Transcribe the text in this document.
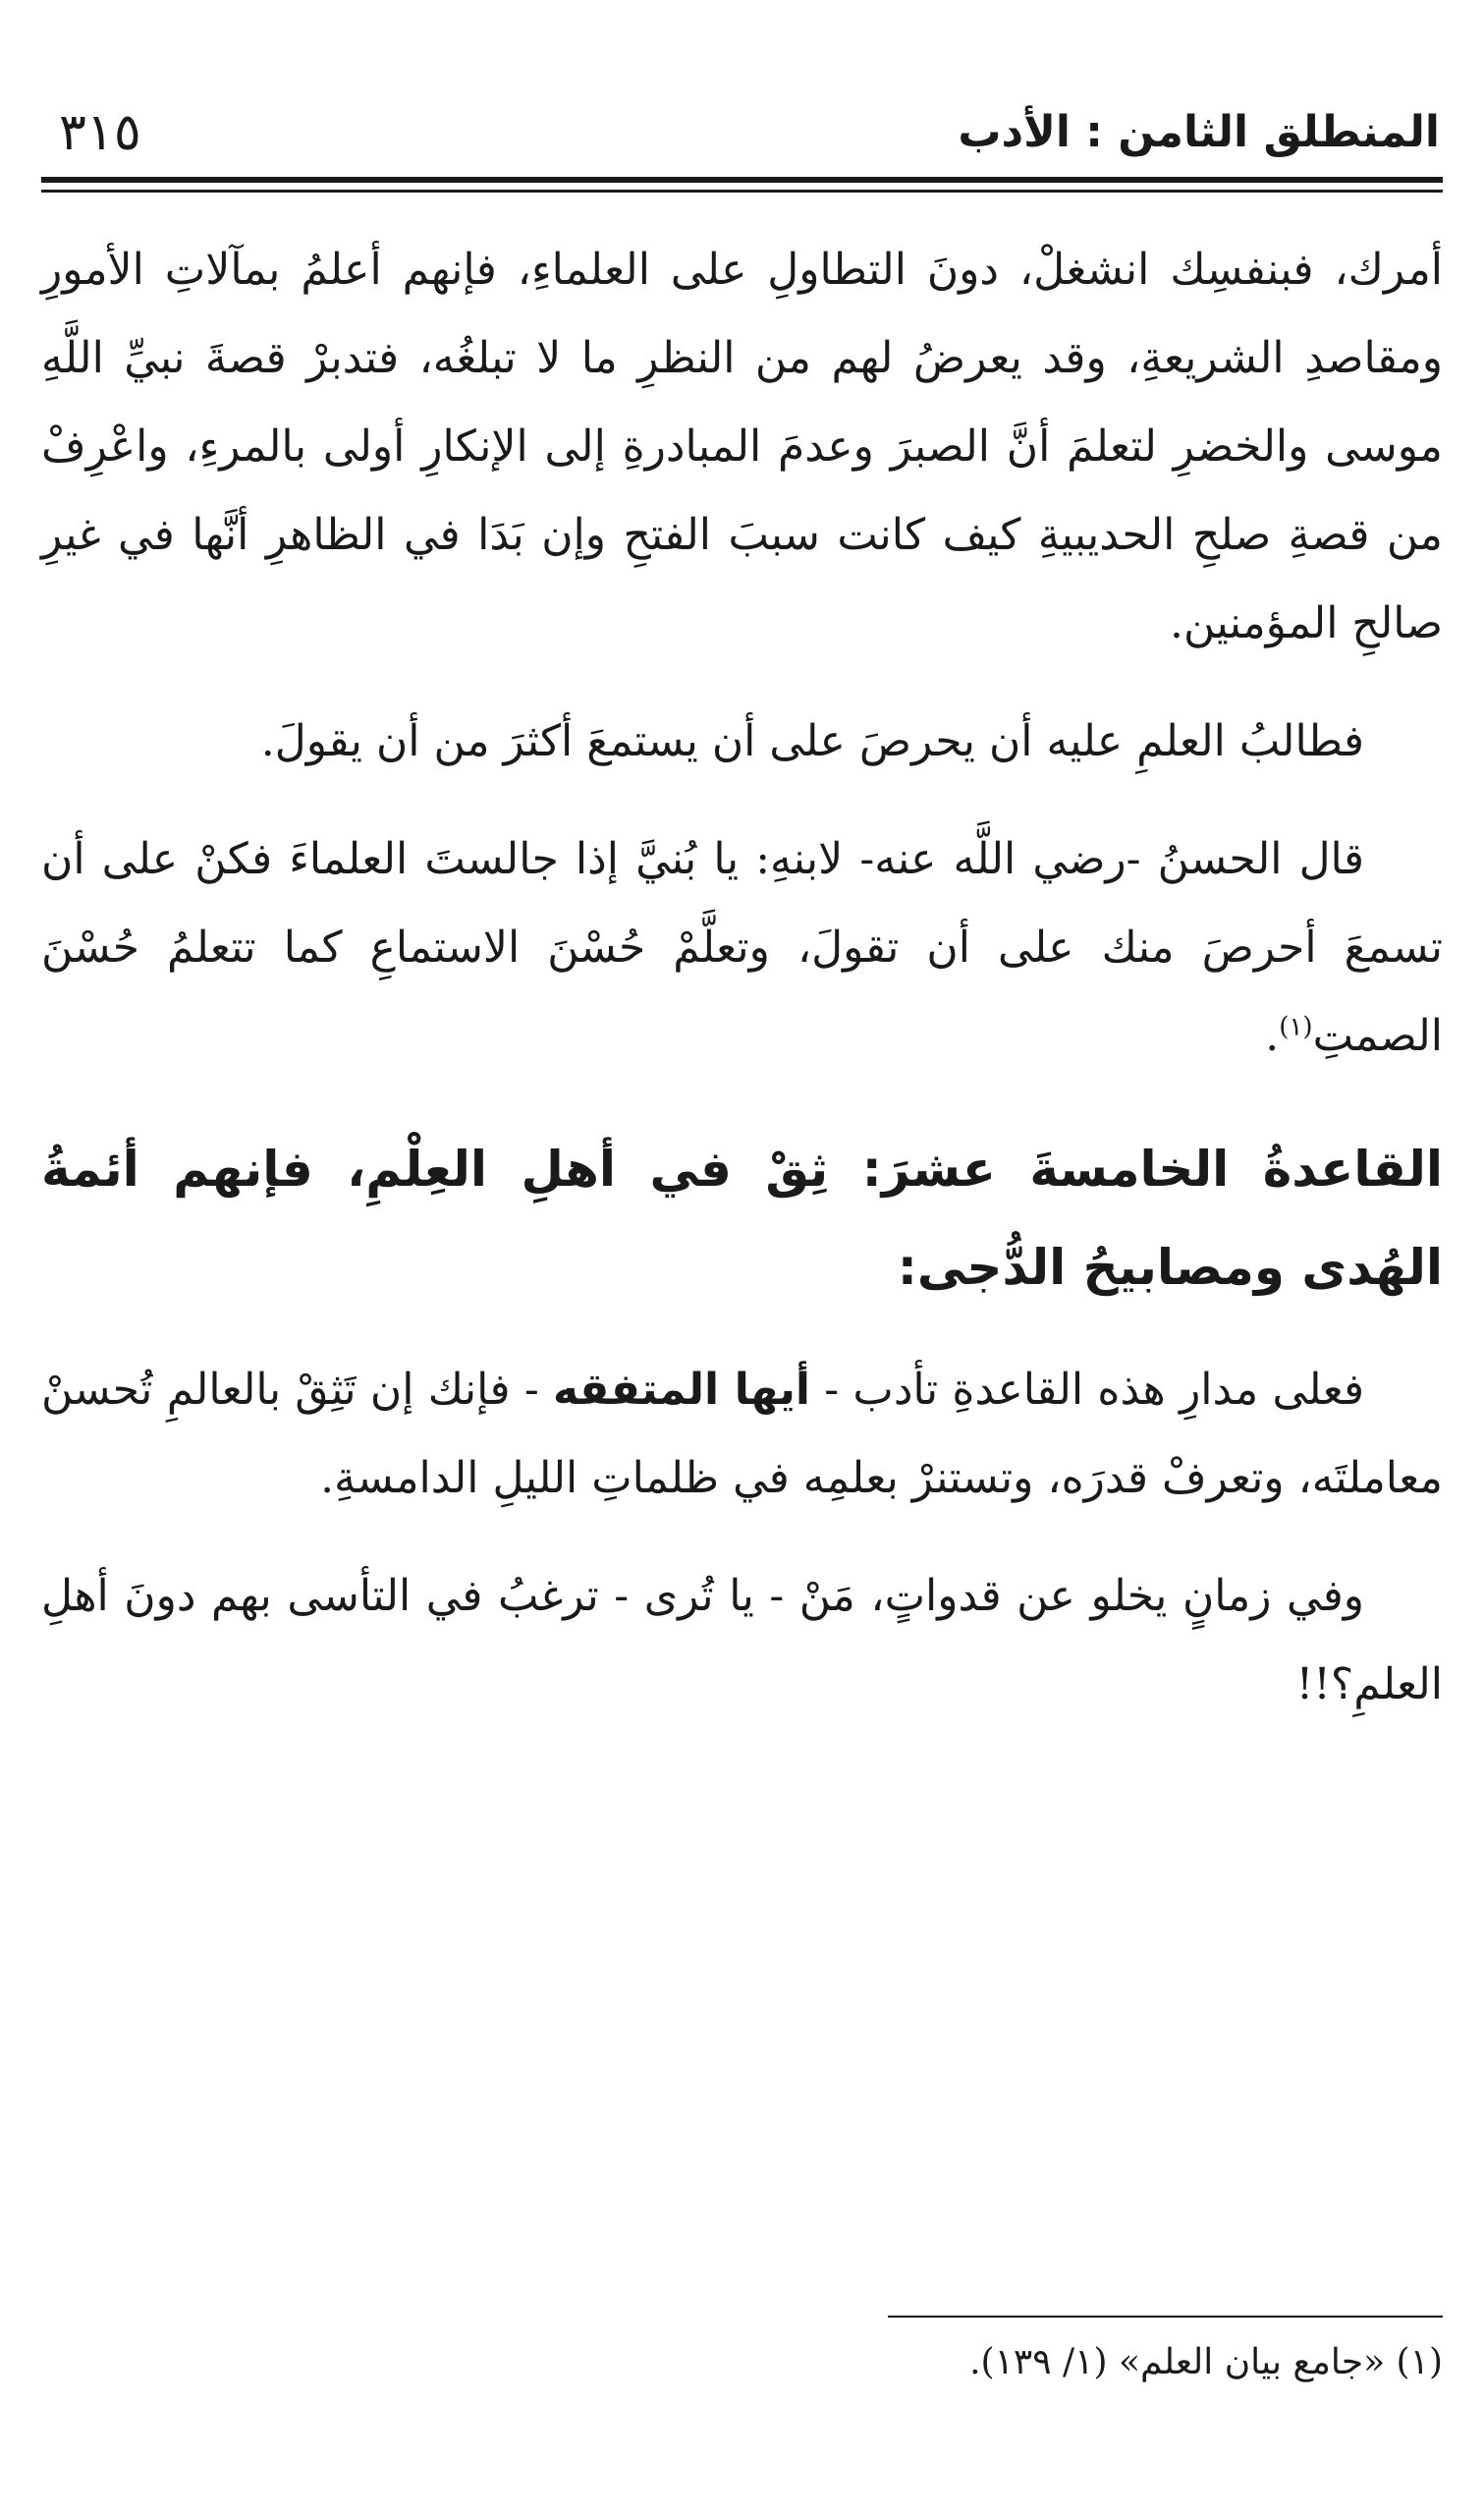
المنطلق الثامن : الأدب
٣١٥

أمرك، فبنفسِك انشغلْ، دونَ التطاولِ على العلماءِ، فإنهم أعلمُ بمآلاتِ الأمورِ ومقاصدِ الشريعةِ، وقد يعرضُ لهم من النظرِ ما لا تبلغُه، فتدبرْ قصةَ نبيِّ اللَّهِ موسى والخضرِ لتعلمَ أنَّ الصبرَ وعدمَ المبادرةِ إلى الإنكارِ أولى بالمرءِ، واعْرِفْ من قصةِ صلحِ الحديبيةِ كيف كانت سببَ الفتحِ وإن بَدَا في الظاهرِ أنَّها في غيرِ صالحِ المؤمنين.

فطالبُ العلمِ عليه أن يحرصَ على أن يستمعَ أكثرَ من أن يقولَ.

قال الحسنُ -رضي اللَّه عنه- لابنهِ: يا بُنيَّ إذا جالستَ العلماءَ فكنْ على أن تسمعَ أحرصَ منك على أن تقولَ، وتعلَّمْ حُسْنَ الاستماعِ كما تتعلمُ حُسْنَ الصمتِ$^{(١)}$.

القاعدةُ الخامسةَ عشرَ: ثِقْ في أهلِ العِلْمِ، فإنهم أئمةُ الهُدى ومصابيحُ الدُّجى:

فعلى مدارِ هذه القاعدةِ تأدب - أيها المتفقه - فإنك إن تَثِقْ بالعالمِ تُحسنْ معاملتَه، وتعرفْ قدرَه، وتستنرْ بعلمِه في ظلماتِ الليلِ الدامسةِ.

وفي زمانٍ يخلو عن قدواتٍ، مَنْ - يا تُرى - ترغبُ في التأسى بهم دونَ أهلِ العلمِ؟!!

(١) «جامع بيان العلم» (١/ ١٣٩).
